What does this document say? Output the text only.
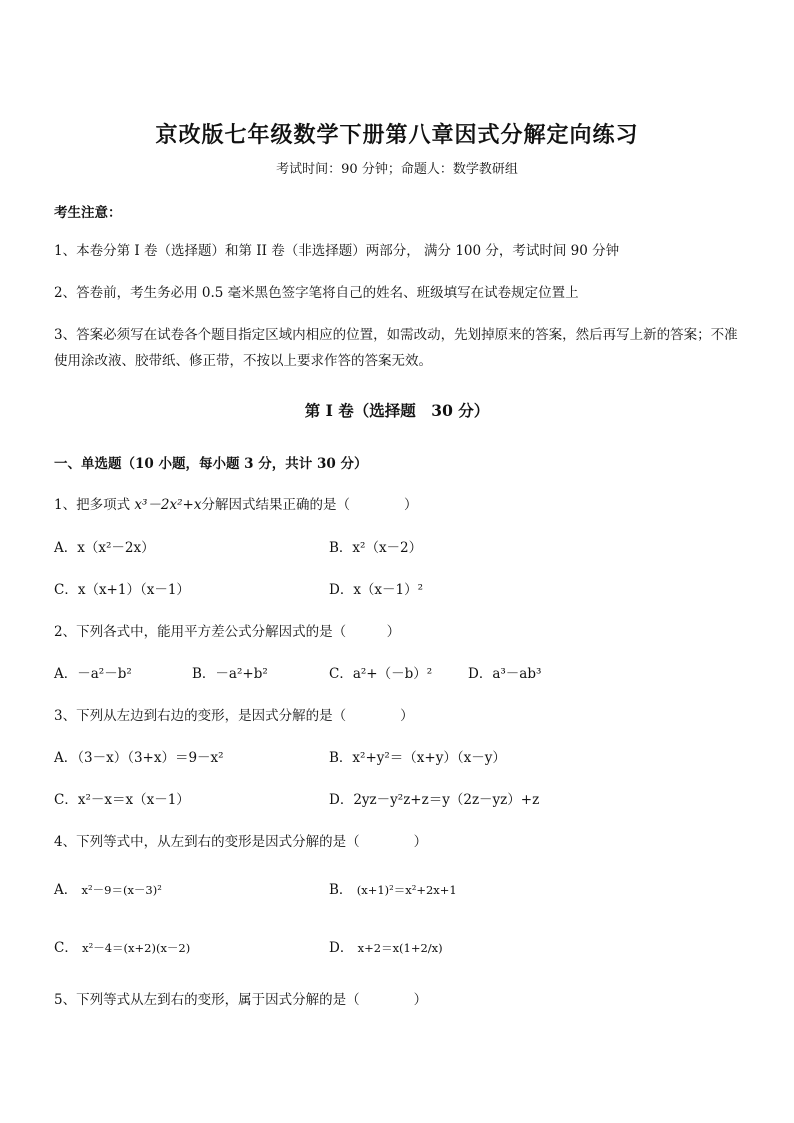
京改版七年级数学下册第八章因式分解定向练习
考试时间：90 分钟；命题人：数学教研组
考生注意：
1、本卷分第 I 卷（选择题）和第 II 卷（非选择题）两部分， 满分 100 分，考试时间 90 分钟
2、答卷前，考生务必用 0.5 毫米黑色签字笔将自己的姓名、班级填写在试卷规定位置上
3、答案必须写在试卷各个题目指定区域内相应的位置，如需改动，先划掉原来的答案，然后再写上新的答案；不准使用涂改液、胶带纸、修正带，不按以上要求作答的答案无效。
第 I 卷（选择题　30 分）
一、单选题（10 小题，每小题 3 分，共计 30 分）
1、把多项式 x³－2x²+x分解因式结果正确的是（　　　　）
A．x（x²－2x）	B．x²（x－2）
C．x（x+1）（x－1）	D．x（x－1）²
2、下列各式中，能用平方差公式分解因式的是（　　　）
A．－a²－b²	B．－a²+b²	C．a²+（－b）²	D．a³－ab³
3、下列从左边到右边的变形，是因式分解的是（　　　　）
A．（3－x）（3+x）＝9－x²	B．x²+y²＝（x+y）（x－y）
C．x²－x＝x（x－1）	D．2yz－y²z+z＝y（2z－yz）+z
4、下列等式中，从左到右的变形是因式分解的是（　　　　）
A． x²－9＝(x－3)²	B． (x+1)²＝x²+2x+1
C． x²－4＝(x+2)(x－2)	D． x+2＝x(1+2/x)
5、下列等式从左到右的变形，属于因式分解的是（　　　　）
